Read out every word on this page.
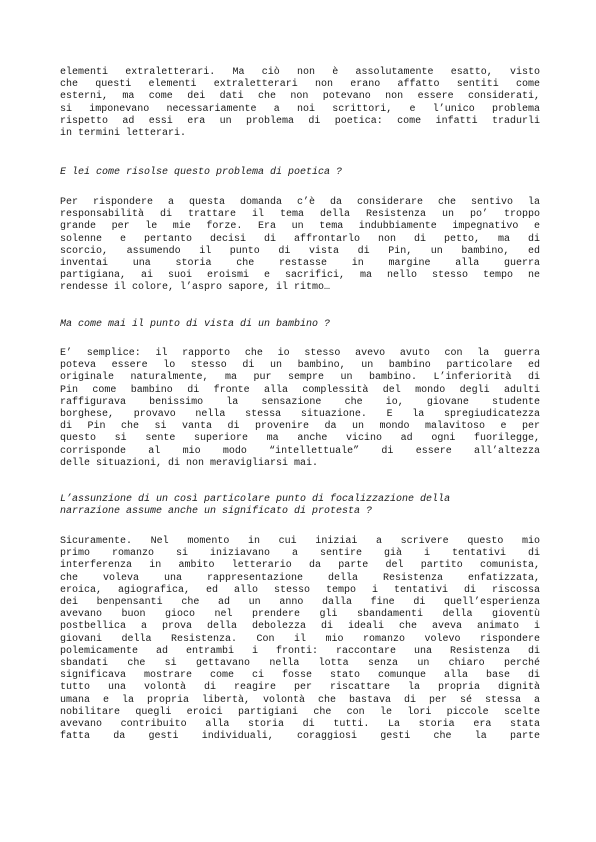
elementi extraletterari. Ma ciò non è assolutamente esatto, visto
che questi elementi extraletterari non erano affatto sentiti come
esterni, ma come dei dati che non potevano non essere considerati,
si imponevano necessariamente a noi scrittori, e l’unico problema
rispetto ad essi era un problema di poetica: come infatti tradurli
in termini letterari.
E lei come risolse questo problema di poetica ?
Per rispondere a questa domanda c’è da considerare che sentivo la
responsabilità di trattare il tema della Resistenza un po’ troppo
grande per le mie forze. Era un tema indubbiamente impegnativo e
solenne e pertanto decisi di affrontarlo non di petto, ma di
scorcio, assumendo il punto di vista di Pin, un bambino, ed
inventai una storia che restasse in margine alla guerra
partigiana, ai suoi eroismi e sacrifici, ma nello stesso tempo ne
rendesse il colore, l’aspro sapore, il ritmo…
Ma come mai il punto di vista di un bambino ?
E’ semplice: il rapporto che io stesso avevo avuto con la guerra
poteva essere lo stesso di un bambino, un bambino particolare ed
originale naturalmente, ma pur sempre un bambino. L’inferiorità di
Pin come bambino di fronte alla complessità del mondo degli adulti
raffigurava benissimo la sensazione che io, giovane studente
borghese, provavo nella stessa situazione. E la spregiudicatezza
di Pin che si vanta di provenire da un mondo malavitoso e per
questo si sente superiore ma anche vicino ad ogni fuorilegge,
corrisponde al mio modo “intellettuale” di essere all’altezza
delle situazioni, di non meravigliarsi mai.
L’assunzione di un così particolare punto di focalizzazione della
narrazione assume anche un significato di protesta ?
Sicuramente. Nel momento in cui iniziai a scrivere questo mio
primo romanzo si iniziavano a sentire già i tentativi di
interferenza in ambito letterario da parte del partito comunista,
che voleva una rappresentazione della Resistenza enfatizzata,
eroica, agiografica, ed allo stesso tempo i tentativi di riscossa
dei benpensanti che ad un anno dalla fine di quell’esperienza
avevano buon gioco nel prendere gli sbandamenti della gioventù
postbellica a prova della debolezza di ideali che aveva animato i
giovani della Resistenza. Con il mio romanzo volevo rispondere
polemicamente ad entrambi i fronti: raccontare una Resistenza di
sbandati che si gettavano nella lotta senza un chiaro perché
significava mostrare come ci fosse stato comunque alla base di
tutto una volontà di reagire per riscattare la propria dignità
umana e la propria libertà, volontà che bastava di per sé stessa a
nobilitare quegli eroici partigiani che con le lori piccole scelte
avevano contribuito alla storia di tutti. La storia era stata
fatta da gesti individuali, coraggiosi gesti che la parte
